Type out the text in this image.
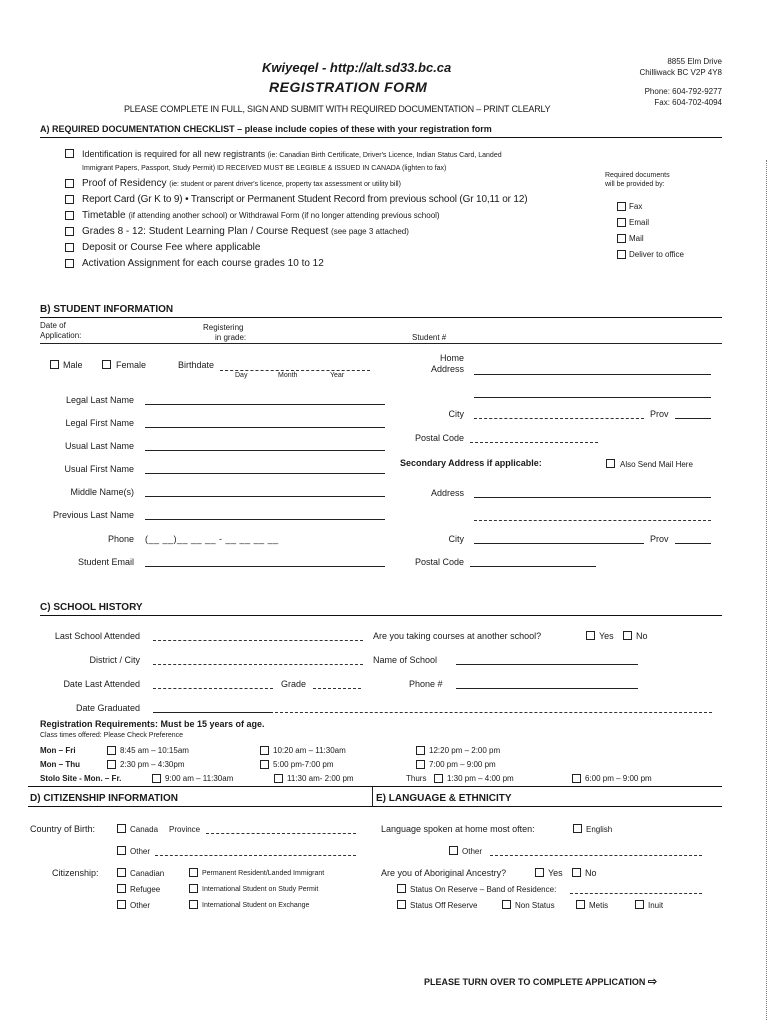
Kwiyeqel - http://alt.sd33.bc.ca
REGISTRATION FORM
PLEASE COMPLETE IN FULL, SIGN AND SUBMIT WITH REQUIRED DOCUMENTATION – PRINT CLEARLY
8855 Elm Drive
Chilliwack BC V2P 4Y8
Phone: 604-792-9277
Fax: 604-702-4094
A) REQUIRED DOCUMENTATION CHECKLIST – please include copies of these with your registration form
Identification is required for all new registrants (ie: Canadian Birth Certificate, Driver's Licence, Indian Status Card, Landed
Immigrant Papers, Passport, Study Permit) ID RECEIVED MUST BE LEGIBLE & ISSUED IN CANADA (lighten to fax)
Proof of Residency (ie: student or parent driver's licence, property tax assessment or utility bill)
Report Card (Gr K to 9) • Transcript or Permanent Student Record from previous school (Gr 10,11 or 12)
Timetable (if attending another school) or Withdrawal Form (if no longer attending previous school)
Grades 8 - 12: Student Learning Plan / Course Request (see page 3 attached)
Deposit or Course Fee where applicable
Activation Assignment for each course grades 10 to 12
Required documents
will be provided by:
Fax
Email
Mail
Deliver to office
B) STUDENT INFORMATION
Date of
Application:
Registering
in grade:	Student #
Male	Female	Birthdate
Day	Month	Year
Home
Address
Legal Last Name
Legal First Name
Usual Last Name
Usual First Name
Middle Name(s)
Previous Last Name
Phone (__ __)__ __ __ - __ __ __ __
Student Email
City	Prov
Postal Code
Secondary Address if applicable:	Also Send Mail Here
Address
City	Prov
Postal Code
C) SCHOOL HISTORY
Last School Attended
District / City
Date Last Attended	Grade
Date Graduated
Are you taking courses at another school?	Yes No
Name of School
Phone #
Registration Requirements: Must be 15 years of age.
Class times offered: Please Check Preference
Mon – Fri	8:45 am – 10:15am	10:20 am – 11:30am	12:20 pm – 2:00 pm
Mon – Thu	2:30 pm – 4:30pm	5:00 pm-7:00 pm	7:00 pm – 9:00 pm
Stolo Site - Mon. – Fr.	9:00 am – 11:30am	11:30 am- 2:00 pm	Thurs	1:30 pm – 4:00 pm	6:00 pm – 9:00 pm
D) CITIZENSHIP INFORMATION	E) LANGUAGE & ETHNICITY
Country of Birth:	Canada Province
Other
Citizenship:	Canadian
Refugee
Other
Permanent Resident/Landed Immigrant
International Student on Study Permit
International Student on Exchange
Language spoken at home most often:	English
Other
Are you of Aboriginal Ancestry?	Yes No
Status On Reserve – Band of Residence:
Status Off Reserve	Non Status	Metis	Inuit
PLEASE TURN OVER TO COMPLETE APPLICATION ⇨
